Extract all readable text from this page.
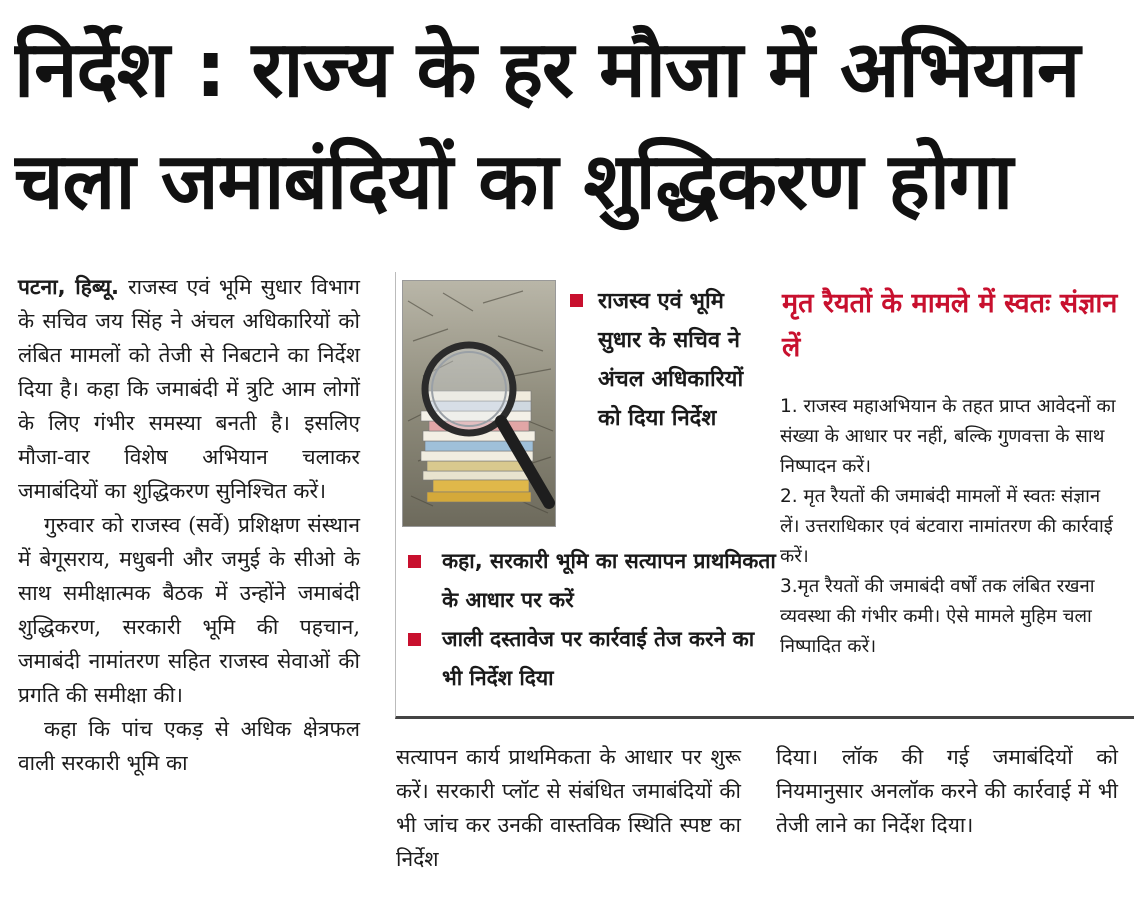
निर्देश : राज्य के हर मौजा में अभियान
चला जमाबंदियों का शुद्धिकरण होगा

पटना, हिब्यू. राजस्व एवं भूमि सुधार विभाग के सचिव जय सिंह ने अंचल अधिकारियों को लंबित मामलों को तेजी से निबटाने का निर्देश दिया है। कहा कि जमाबंदी में त्रुटि आम लोगों के लिए गंभीर समस्या बनती है। इसलिए मौजा-वार विशेष अभियान चलाकर जमाबंदियों का शुद्धिकरण सुनिश्चित करें।

गुरुवार को राजस्व (सर्वे) प्रशिक्षण संस्थान में बेगूसराय, मधुबनी और जमुई के सीओ के साथ समीक्षात्मक बैठक में उन्होंने जमाबंदी शुद्धिकरण, सरकारी भूमि की पहचान, जमाबंदी नामांतरण सहित राजस्व सेवाओं की प्रगति की समीक्षा की।

कहा कि पांच एकड़ से अधिक क्षेत्रफल वाली सरकारी भूमि का

राजस्व एवं भूमि सुधार के सचिव ने अंचल अधिकारियों को दिया निर्देश
कहा, सरकारी भूमि का सत्यापन प्राथमिकता के आधार पर करें
जाली दस्तावेज पर कार्रवाई तेज करने का भी निर्देश दिया
मृत रैयतों के मामले में स्वतः संज्ञान लें

1. राजस्व महाअभियान के तहत प्राप्त आवेदनों का संख्या के आधार पर नहीं, बल्कि गुणवत्ता के साथ निष्पादन करें।

2. मृत रैयतों की जमाबंदी मामलों में स्वतः संज्ञान लें। उत्तराधिकार एवं बंटवारा नामांतरण की कार्रवाई करें।

3.मृत रैयतों की जमाबंदी वर्षों तक लंबित रखना व्यवस्था की गंभीर कमी। ऐसे मामले मुहिम चला निष्पादित करें।

सत्यापन कार्य प्राथमिकता के आधार पर शुरू करें। सरकारी प्लॉट से संबंधित जमाबंदियों की भी जांच कर उनकी वास्तविक स्थिति स्पष्ट का निर्देश

दिया। लॉक की गई जमाबंदियों को नियमानुसार अनलॉक करने की कार्रवाई में भी तेजी लाने का निर्देश दिया।
